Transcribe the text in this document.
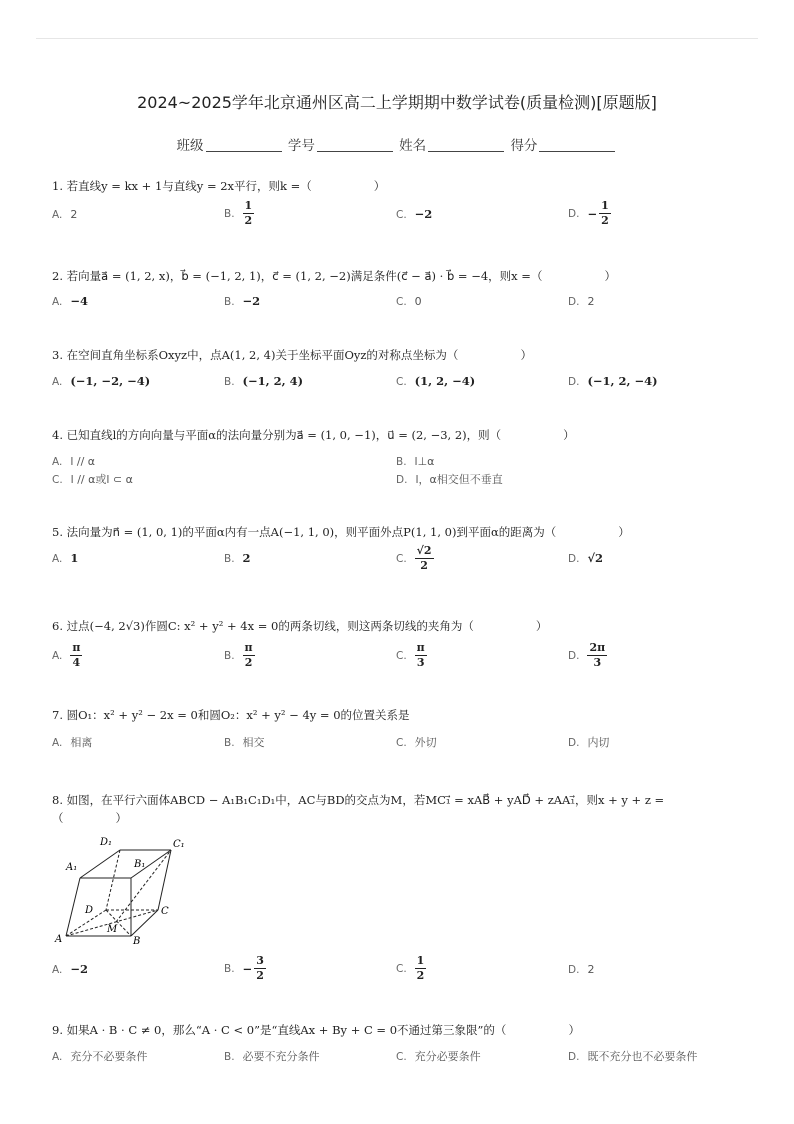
2024~2025学年北京通州区高二上学期期中数学试卷(质量检测)[原题版]
班级	学号	姓名	得分
1. 若直线y = kx + 1与直线y = 2x平行，则k =（	）
A. 2	B. $\frac{1}{2}$	C. −2	D. − $\frac{1}{2}$
2. 若向量a⃗ = (1, 2, x)，b⃗ = (−1, 2, 1)，c⃗ = (1, 2, −2)满足条件(c⃗ − a⃗) · b⃗ = −4，则x =（	）
A. −4	B. −2	C. 0	D. 2
3. 在空间直角坐标系Oxyz中，点A(1, 2, 4)关于坐标平面Oyz的对称点坐标为（	）
A. (−1, −2, −4)	B. (−1, 2, 4)	C. (1, 2, −4)	D. (−1, 2, −4)
4. 已知直线l的方向向量与平面α的法向量分别为a⃗ = (1, 0, −1)，u⃗ = (2, −3, 2)，则（	）
A. l // α	B. l⊥α
C. l // α或l ⊂ α	D. l，α相交但不垂直
5. 法向量为n⃗ = (1, 0, 1)的平面α内有一点A(−1, 1, 0)，则平面外点P(1, 1, 0)到平面α的距离为（	）
A. 1	B. 2	C. $\frac{√2}{2}$	D. √2
6. 过点(−4, 2√3)作圆C: x² + y² + 4x = 0的两条切线，则这两条切线的夹角为（	）
A. $\frac{\pi}{4}$	B. $\frac{\pi}{2}$	C. $\frac{\pi}{3}$	D. $\frac{2\pi}{3}$
7. 圆O₁：x² + y² − 2x = 0和圆O₂：x² + y² − 4y = 0的位置关系是
A. 相离	B. 相交	C. 外切	D. 内切
8. 如图，在平行六面体ABCD − A₁B₁C₁D₁中，AC与BD的交点为M，若MC₁⃗ = xAB⃗ + yAD⃗ + zAA₁⃗，则x + y + z =
（	）
D₁	C₁
A₁	B₁
D	C
A
M
B
A. −2	B. − $\frac{3}{2}$	C. $\frac{1}{2}$	D. 2
9. 如果A · B · C ≠ 0，那么“A · C < 0”是“直线Ax + By + C = 0不通过第三象限”的（	）
A. 充分不必要条件	B. 必要不充分条件	C. 充分必要条件	D. 既不充分也不必要条件
